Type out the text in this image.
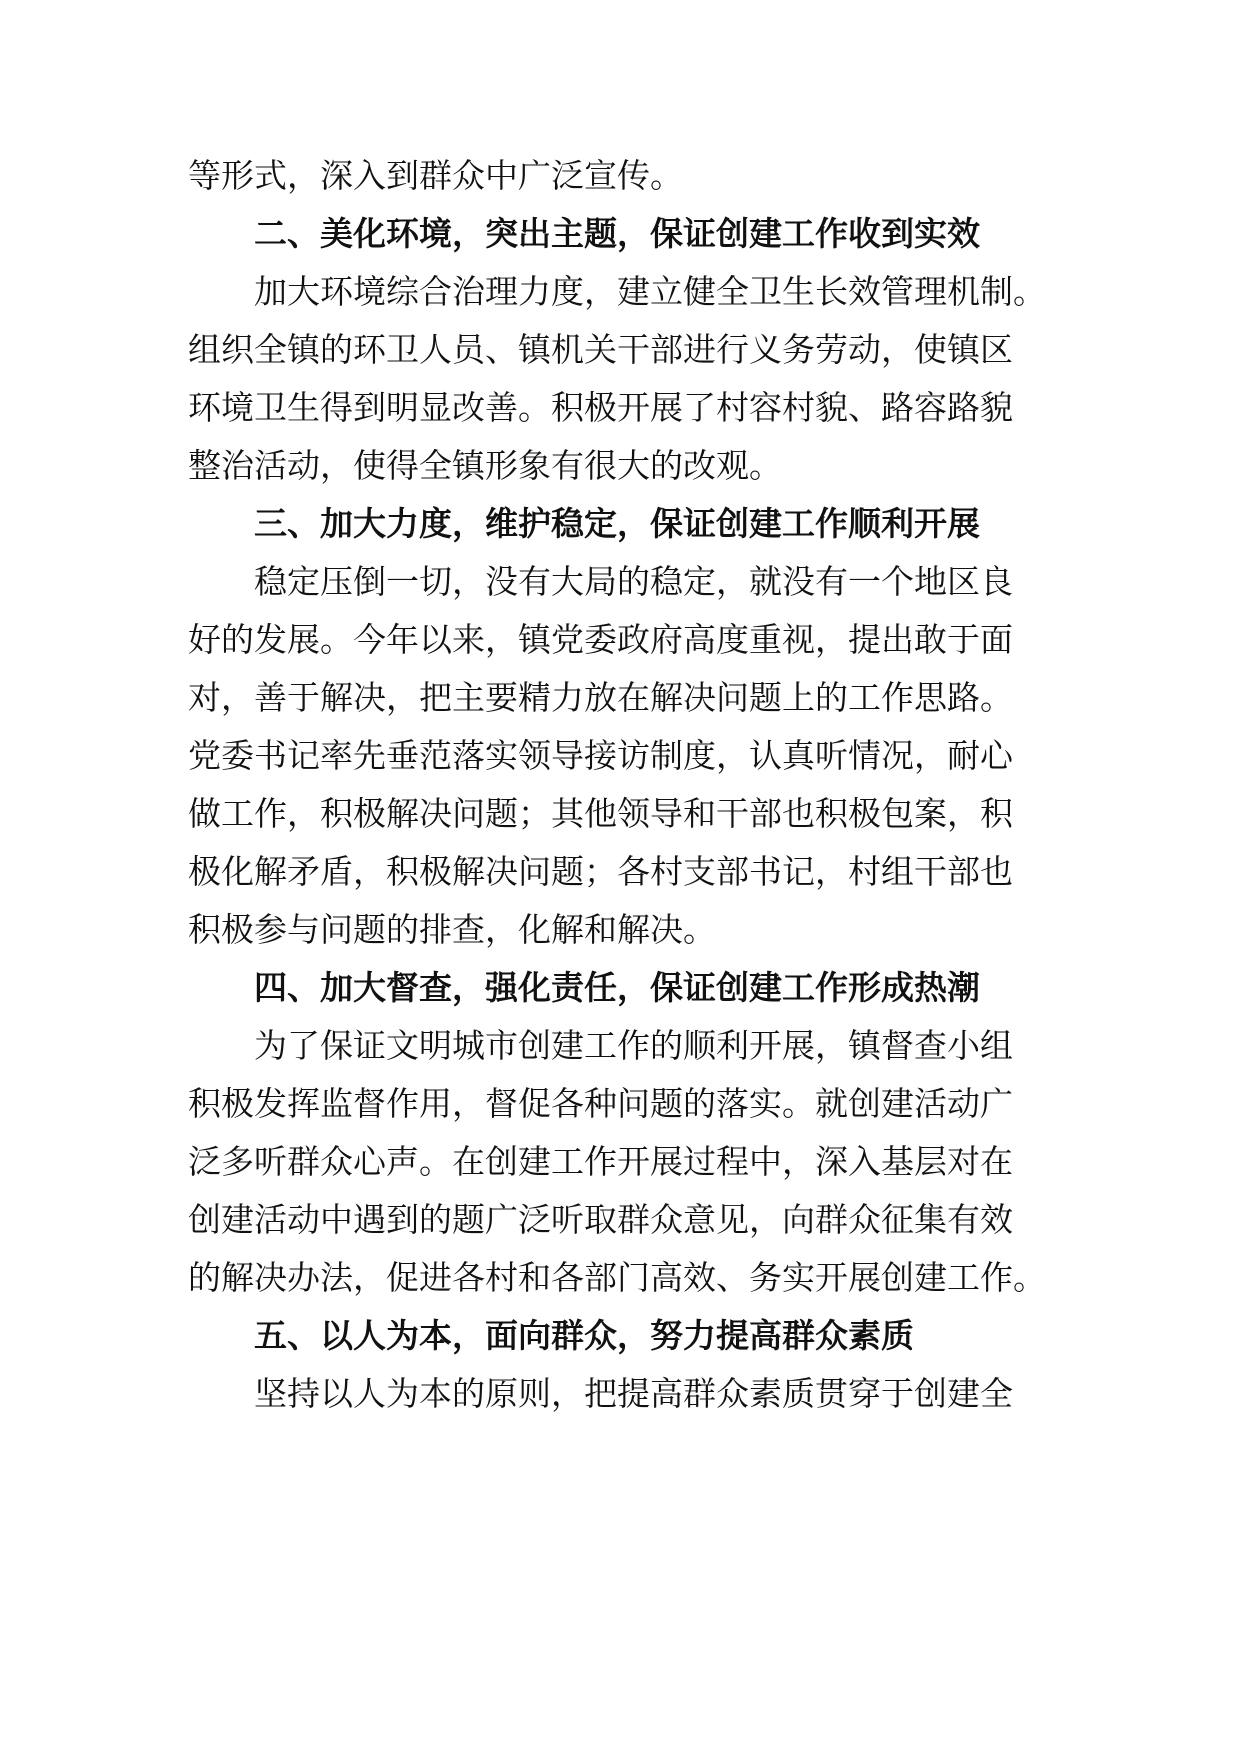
等形式，深入到群众中广泛宣传。
二、美化环境，突出主题，保证创建工作收到实效
加大环境综合治理力度，建立健全卫生长效管理机制。
组织全镇的环卫人员、镇机关干部进行义务劳动，使镇区
环境卫生得到明显改善。积极开展了村容村貌、路容路貌
整治活动，使得全镇形象有很大的改观。
三、加大力度，维护稳定，保证创建工作顺利开展
稳定压倒一切，没有大局的稳定，就没有一个地区良
好的发展。今年以来，镇党委政府高度重视，提出敢于面
对，善于解决，把主要精力放在解决问题上的工作思路。
党委书记率先垂范落实领导接访制度，认真听情况，耐心
做工作，积极解决问题；其他领导和干部也积极包案，积
极化解矛盾，积极解决问题；各村支部书记，村组干部也
积极参与问题的排查，化解和解决。
四、加大督查，强化责任，保证创建工作形成热潮
为了保证文明城市创建工作的顺利开展，镇督查小组
积极发挥监督作用，督促各种问题的落实。就创建活动广
泛多听群众心声。在创建工作开展过程中，深入基层对在
创建活动中遇到的题广泛听取群众意见，向群众征集有效
的解决办法，促进各村和各部门高效、务实开展创建工作。
五、以人为本，面向群众，努力提高群众素质
坚持以人为本的原则，把提高群众素质贯穿于创建全
